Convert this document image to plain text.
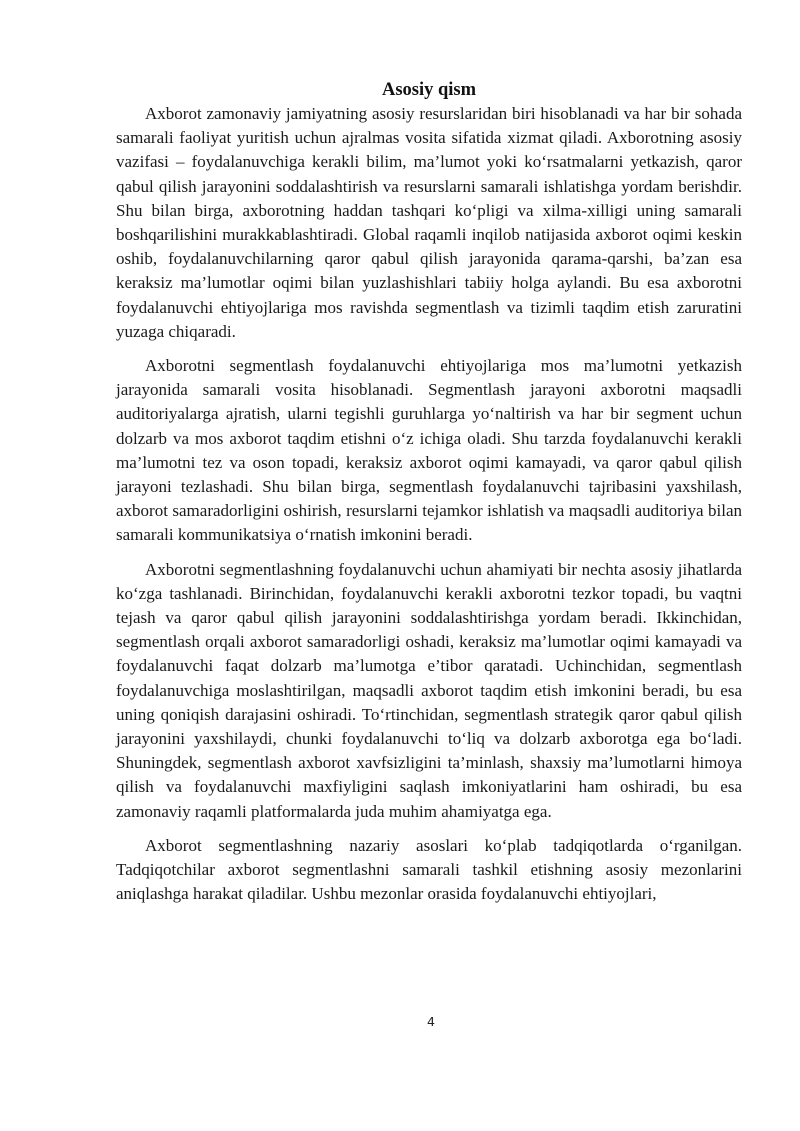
Asosiy qism

Axborot zamonaviy jamiyatning asosiy resurslaridan biri hisoblanadi va har bir sohada samarali faoliyat yuritish uchun ajralmas vosita sifatida xizmat qiladi. Axborotning asosiy vazifasi – foydalanuvchiga kerakli bilim, ma’lumot yoki ko‘rsatmalarni yetkazish, qaror qabul qilish jarayonini soddalashtirish va resurslarni samarali ishlatishga yordam berishdir. Shu bilan birga, axborotning haddan tashqari ko‘pligi va xilma-xilligi uning samarali boshqarilishini murakkablashtiradi. Global raqamli inqilob natijasida axborot oqimi keskin oshib, foydalanuvchilarning qaror qabul qilish jarayonida qarama-qarshi, ba’zan esa keraksiz ma’lumotlar oqimi bilan yuzlashishlari tabiiy holga aylandi. Bu esa axborotni foydalanuvchi ehtiyojlariga mos ravishda segmentlash va tizimli taqdim etish zaruratini yuzaga chiqaradi.

Axborotni segmentlash foydalanuvchi ehtiyojlariga mos ma’lumotni yetkazish jarayonida samarali vosita hisoblanadi. Segmentlash jarayoni axborotni maqsadli auditoriyalarga ajratish, ularni tegishli guruhlarga yo‘naltirish va har bir segment uchun dolzarb va mos axborot taqdim etishni o‘z ichiga oladi. Shu tarzda foydalanuvchi kerakli ma’lumotni tez va oson topadi, keraksiz axborot oqimi kamayadi, va qaror qabul qilish jarayoni tezlashadi. Shu bilan birga, segmentlash foydalanuvchi tajribasini yaxshilash, axborot samaradorligini oshirish, resurslarni tejamkor ishlatish va maqsadli auditoriya bilan samarali kommunikatsiya o‘rnatish imkonini beradi.

Axborotni segmentlashning foydalanuvchi uchun ahamiyati bir nechta asosiy jihatlarda ko‘zga tashlanadi. Birinchidan, foydalanuvchi kerakli axborotni tezkor topadi, bu vaqtni tejash va qaror qabul qilish jarayonini soddalashtirishga yordam beradi. Ikkinchidan, segmentlash orqali axborot samaradorligi oshadi, keraksiz ma’lumotlar oqimi kamayadi va foydalanuvchi faqat dolzarb ma’lumotga e’tibor qaratadi. Uchinchidan, segmentlash foydalanuvchiga moslashtirilgan, maqsadli axborot taqdim etish imkonini beradi, bu esa uning qoniqish darajasini oshiradi. To‘rtinchidan, segmentlash strategik qaror qabul qilish jarayonini yaxshilaydi, chunki foydalanuvchi to‘liq va dolzarb axborotga ega bo‘ladi. Shuningdek, segmentlash axborot xavfsizligini ta’minlash, shaxsiy ma’lumotlarni himoya qilish va foydalanuvchi maxfiyligini saqlash imkoniyatlarini ham oshiradi, bu esa zamonaviy raqamli platformalarda juda muhim ahamiyatga ega.

Axborot segmentlashning nazariy asoslari ko‘plab tadqiqotlarda o‘rganilgan. Tadqiqotchilar axborot segmentlashni samarali tashkil etishning asosiy mezonlarini aniqlashga harakat qiladilar. Ushbu mezonlar orasida foydalanuvchi ehtiyojlari,

4
